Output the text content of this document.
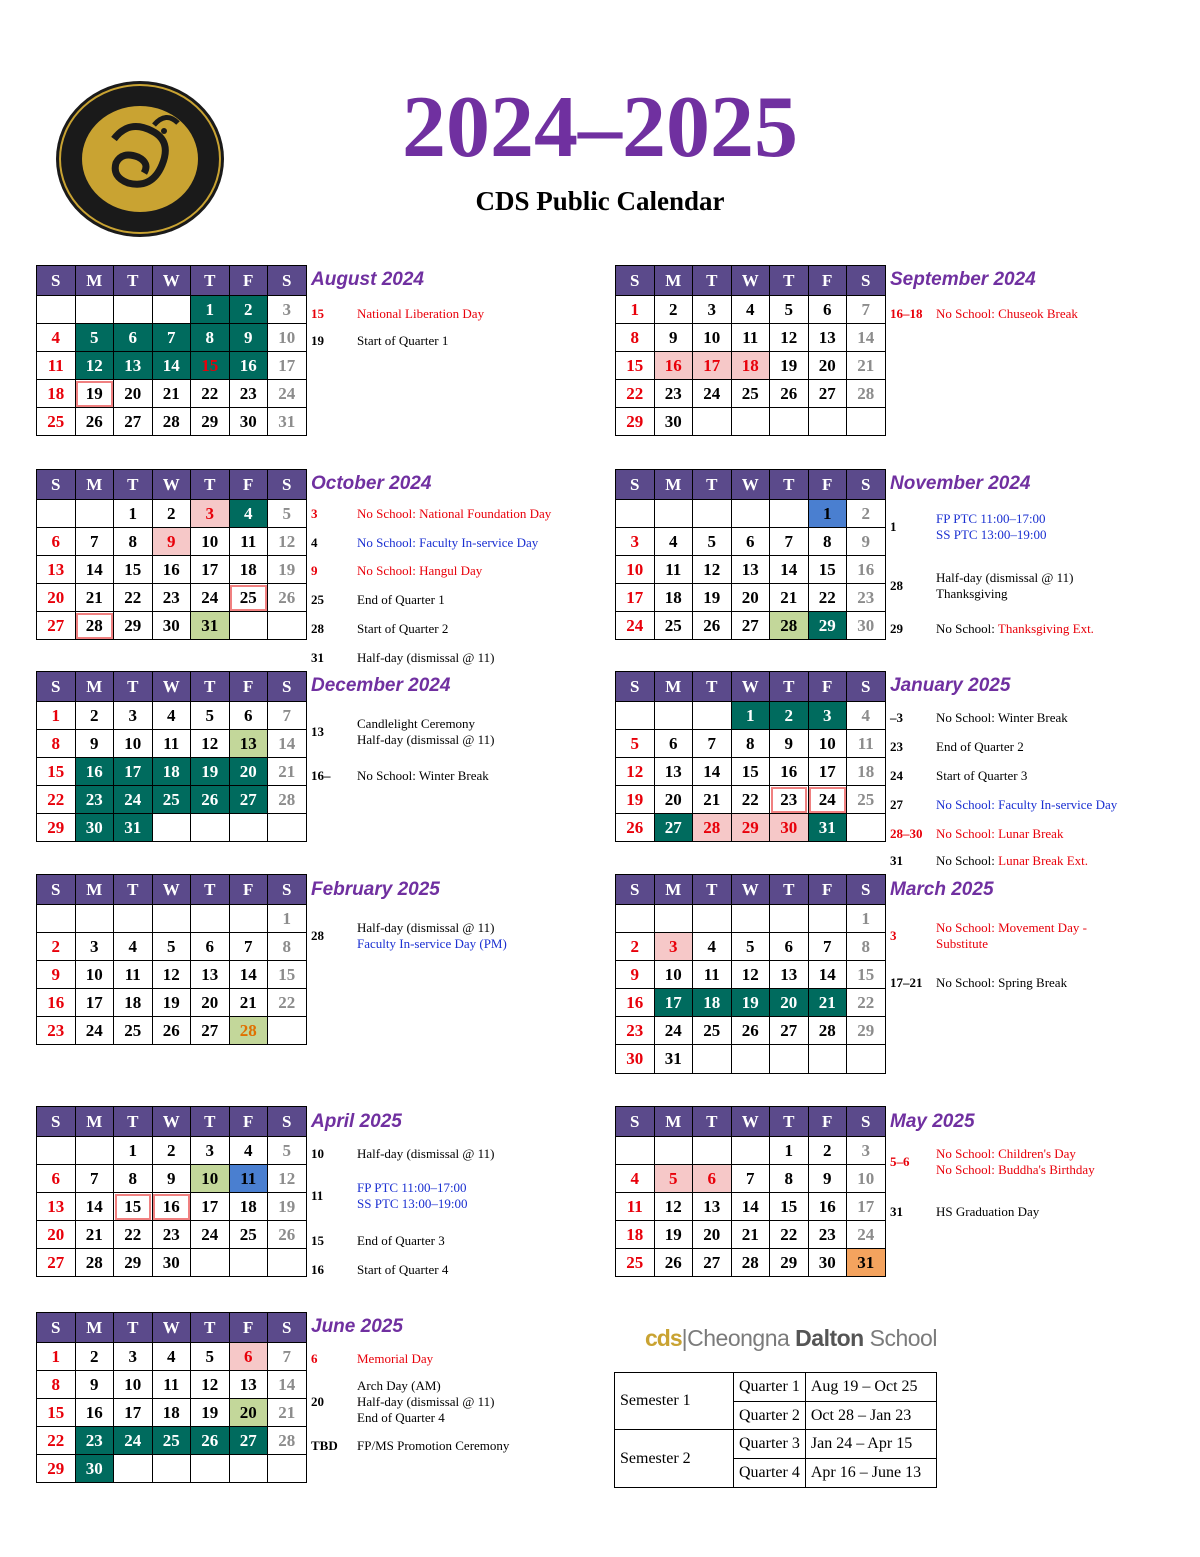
2024–2025
CDS Public Calendar
S	M	T	W	T	F	S
				1	2	3
4	5	6	7	8	9	10
11	12	13	14	15	16	17
18	19	20	21	22	23	24
25	26	27	28	29	30	31
August 2024
15	National Liberation Day
19	Start of Quarter 1
S	M	T	W	T	F	S
1	2	3	4	5	6	7
8	9	10	11	12	13	14
15	16	17	18	19	20	21
22	23	24	25	26	27	28
29	30					
September 2024
16–18 No School: Chuseok Break
S	M	T	W	T	F	S
		1	2	3	4	5
6	7	8	9	10	11	12
13	14	15	16	17	18	19
20	21	22	23	24	25	26
27	28	29	30	31		
October 2024
3	No School: National Foundation Day
4	No School: Faculty In-service Day
9	No School: Hangul Day
25	End of Quarter 1
28	Start of Quarter 2
31	Half-day (dismissal @ 11)
S	M	T	W	T	F	S
					1	2
3	4	5	6	7	8	9
10	11	12	13	14	15	16
17	18	19	20	21	22	23
24	25	26	27	28	29	30
November 2024
1
FP PTC 11:00–17:00
SS PTC 13:00–19:00
28
Half-day (dismissal @ 11)
Thanksgiving
29	No School: Thanksgiving Ext.
S	M	T	W	T	F	S
1	2	3	4	5	6	7
8	9	10	11	12	13	14
15	16	17	18	19	20	21
22	23	24	25	26	27	28
29	30	31				
December 2024
13
Candlelight Ceremony
Half-day (dismissal @ 11)
16– No School: Winter Break
S	M	T	W	T	F	S
			1	2	3	4
5	6	7	8	9	10	11
12	13	14	15	16	17	18
19	20	21	22	23	24	25
26	27	28	29	30	31	
January 2025
–3	No School: Winter Break
23	End of Quarter 2
24	Start of Quarter 3
27	No School: Faculty In-service Day
28–30 No School: Lunar Break
31	No School: Lunar Break Ext.
S	M	T	W	T	F	S
						1
2	3	4	5	6	7	8
9	10	11	12	13	14	15
16	17	18	19	20	21	22
23	24	25	26	27	28	
February 2025
28
Half-day (dismissal @ 11)
Faculty In-service Day (PM)
S	M	T	W	T	F	S
						1
2	3	4	5	6	7	8
9	10	11	12	13	14	15
16	17	18	19	20	21	22
23	24	25	26	27	28	29
30	31					
March 2025
3
No School: Movement Day -
Substitute
17–21 No School: Spring Break
S	M	T	W	T	F	S
		1	2	3	4	5
6	7	8	9	10	11	12
13	14	15	16	17	18	19
20	21	22	23	24	25	26
27	28	29	30			
April 2025
10	Half-day (dismissal @ 11)
11
FP PTC 11:00–17:00
SS PTC 13:00–19:00
15	End of Quarter 3
16	Start of Quarter 4
S	M	T	W	T	F	S
				1	2	3
4	5	6	7	8	9	10
11	12	13	14	15	16	17
18	19	20	21	22	23	24
25	26	27	28	29	30	31
May 2025
5–6
No School: Children's Day
No School: Buddha's Birthday
31	HS Graduation Day
S	M	T	W	T	F	S
1	2	3	4	5	6	7
8	9	10	11	12	13	14
15	16	17	18	19	20	21
22	23	24	25	26	27	28
29	30					
June 2025
6	Memorial Day
20
Arch Day (AM)
Half-day (dismissal @ 11)
End of Quarter 4
TBD FP/MS Promotion Ceremony
cds|Cheongna Dalton School
Semester 1	Quarter 1	Aug 19 – Oct 25
	Quarter 2	Oct 28 – Jan 23
Semester 2	Quarter 3	Jan 24 – Apr 15
	Quarter 4	Apr 16 – June 13
